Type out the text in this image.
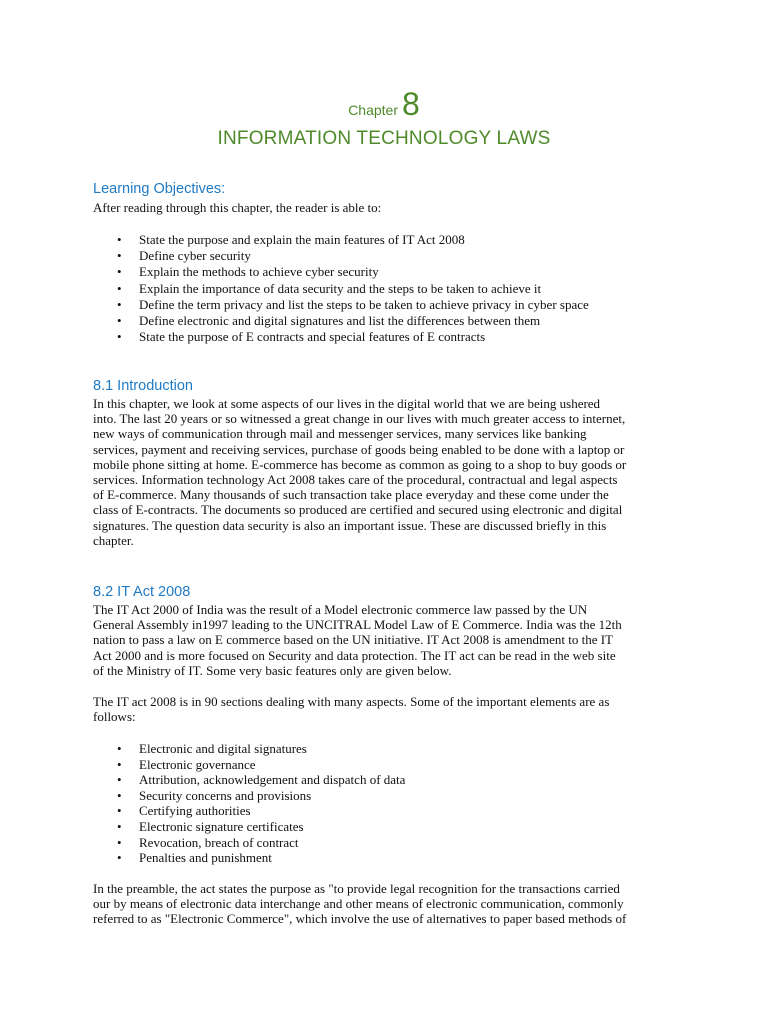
Chapter 8
INFORMATION TECHNOLOGY LAWS
Learning Objectives:
After reading through this chapter, the reader is able to:
• State the purpose and explain the main features of IT Act 2008
• Define cyber security
• Explain the methods to achieve cyber security
• Explain the importance of data security and the steps to be taken to achieve it
• Define the term privacy and list the steps to be taken to achieve privacy in cyber space
• Define electronic and digital signatures and list the differences between them
• State the purpose of E contracts and special features of E contracts
8.1 Introduction
In this chapter, we look at some aspects of our lives in the digital world that we are being ushered
into. The last 20 years or so witnessed a great change in our lives with much greater access to internet,
new ways of communication through mail and messenger services, many services like banking
services, payment and receiving services, purchase of goods being enabled to be done with a laptop or
mobile phone sitting at home. E-commerce has become as common as going to a shop to buy goods or
services. Information technology Act 2008 takes care of the procedural, contractual and legal aspects
of E-commerce. Many thousands of such transaction take place everyday and these come under the
class of E-contracts. The documents so produced are certified and secured using electronic and digital
signatures. The question data security is also an important issue. These are discussed briefly in this
chapter.
8.2 IT Act 2008
The IT Act 2000 of India was the result of a Model electronic commerce law passed by the UN
General Assembly in1997 leading to the UNCITRAL Model Law of E Commerce. India was the 12th
nation to pass a law on E commerce based on the UN initiative. IT Act 2008 is amendment to the IT
Act 2000 and is more focused on Security and data protection. The IT act can be read in the web site
of the Ministry of IT. Some very basic features only are given below.
The IT act 2008 is in 90 sections dealing with many aspects. Some of the important elements are as
follows:
• Electronic and digital signatures
• Electronic governance
• Attribution, acknowledgement and dispatch of data
• Security concerns and provisions
• Certifying authorities
• Electronic signature certificates
• Revocation, breach of contract
• Penalties and punishment
In the preamble, the act states the purpose as "to provide legal recognition for the transactions carried
our by means of electronic data interchange and other means of electronic communication, commonly
referred to as "Electronic Commerce", which involve the use of alternatives to paper based methods of
